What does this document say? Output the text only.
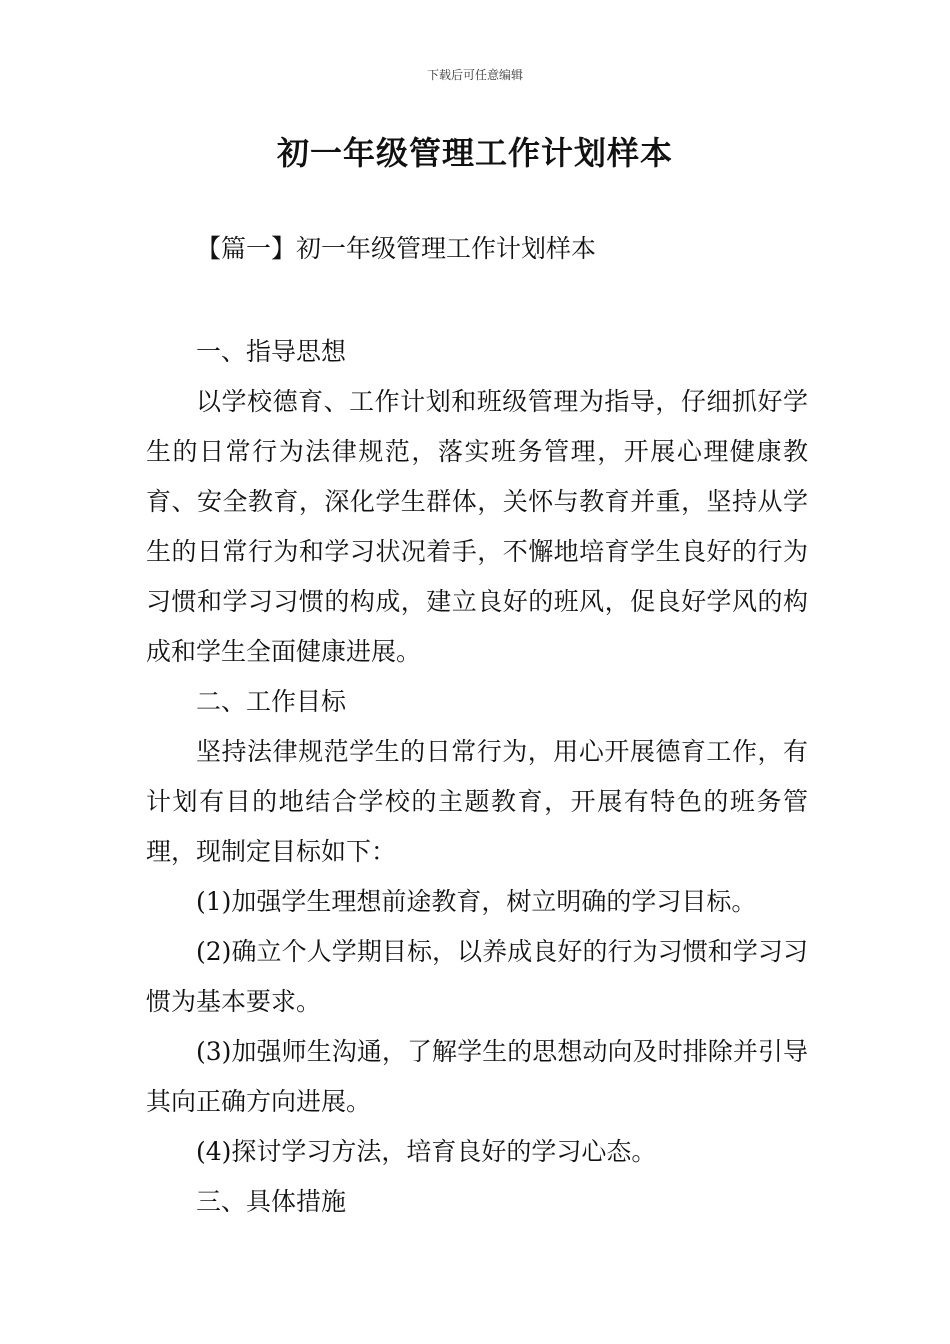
下载后可任意编辑
初一年级管理工作计划样本
【篇一】初一年级管理工作计划样本

一、指导思想

以学校德育、工作计划和班级管理为指导，仔细抓好学生的日常行为法律规范，落实班务管理，开展心理健康教育、安全教育，深化学生群体，关怀与教育并重，坚持从学生的日常行为和学习状况着手，不懈地培育学生良好的行为习惯和学习习惯的构成，建立良好的班风，促良好学风的构成和学生全面健康进展。

二、工作目标

坚持法律规范学生的日常行为，用心开展德育工作，有计划有目的地结合学校的主题教育，开展有特色的班务管理，现制定目标如下：

(1)加强学生理想前途教育，树立明确的学习目标。

(2)确立个人学期目标，以养成良好的行为习惯和学习习惯为基本要求。

(3)加强师生沟通，了解学生的思想动向及时排除并引导其向正确方向进展。

(4)探讨学习方法，培育良好的学习心态。

三、具体措施
